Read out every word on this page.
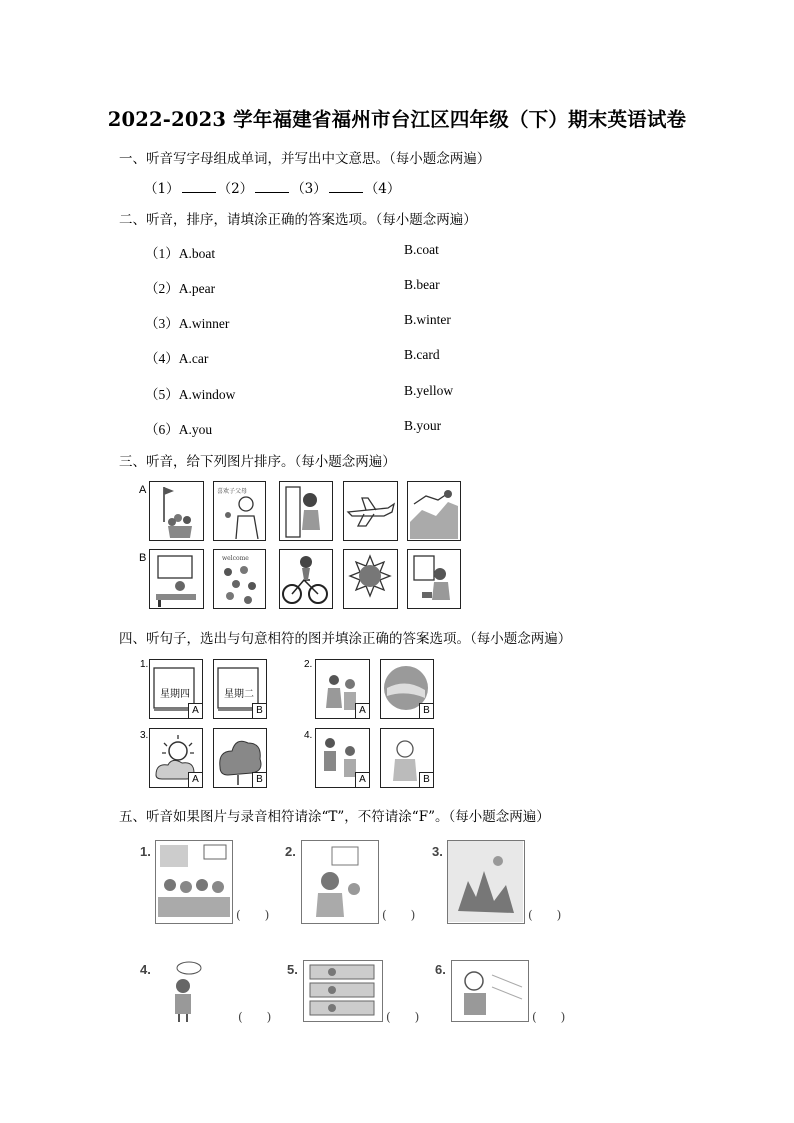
2022-2023 学年福建省福州市台江区四年级（下）期末英语试卷
一、听音写字母组成单词，并写出中文意思。（每小题念两遍）
（1）	（2）	（3）	（4）
二、听音，排序，请填涂正确的答案选项。（每小题念两遍）
（1）A.boat	B.coat
（2）A.pear	B.bear
（3）A.winner	B.winter
（4）A.car	B.card
（5）A.window	B.yellow
（6）A.you	B.your
三、听音，给下列图片排序。（每小题念两遍）
A
B
喜欢子父母
welcome
四、听句子，选出与句意相符的图并填涂正确的答案选项。（每小题念两遍）
1.
星期四
A
星期二
B
2.
A	B
3.
A	B
4.
A	B
五、听音如果图片与录音相符请涂“T”，不符请涂“F”。（每小题念两遍）
1.
(　　)
2.
(　　)
3.
(　　)
4.
(　　)
5.
(　　)
6.
(　　)
